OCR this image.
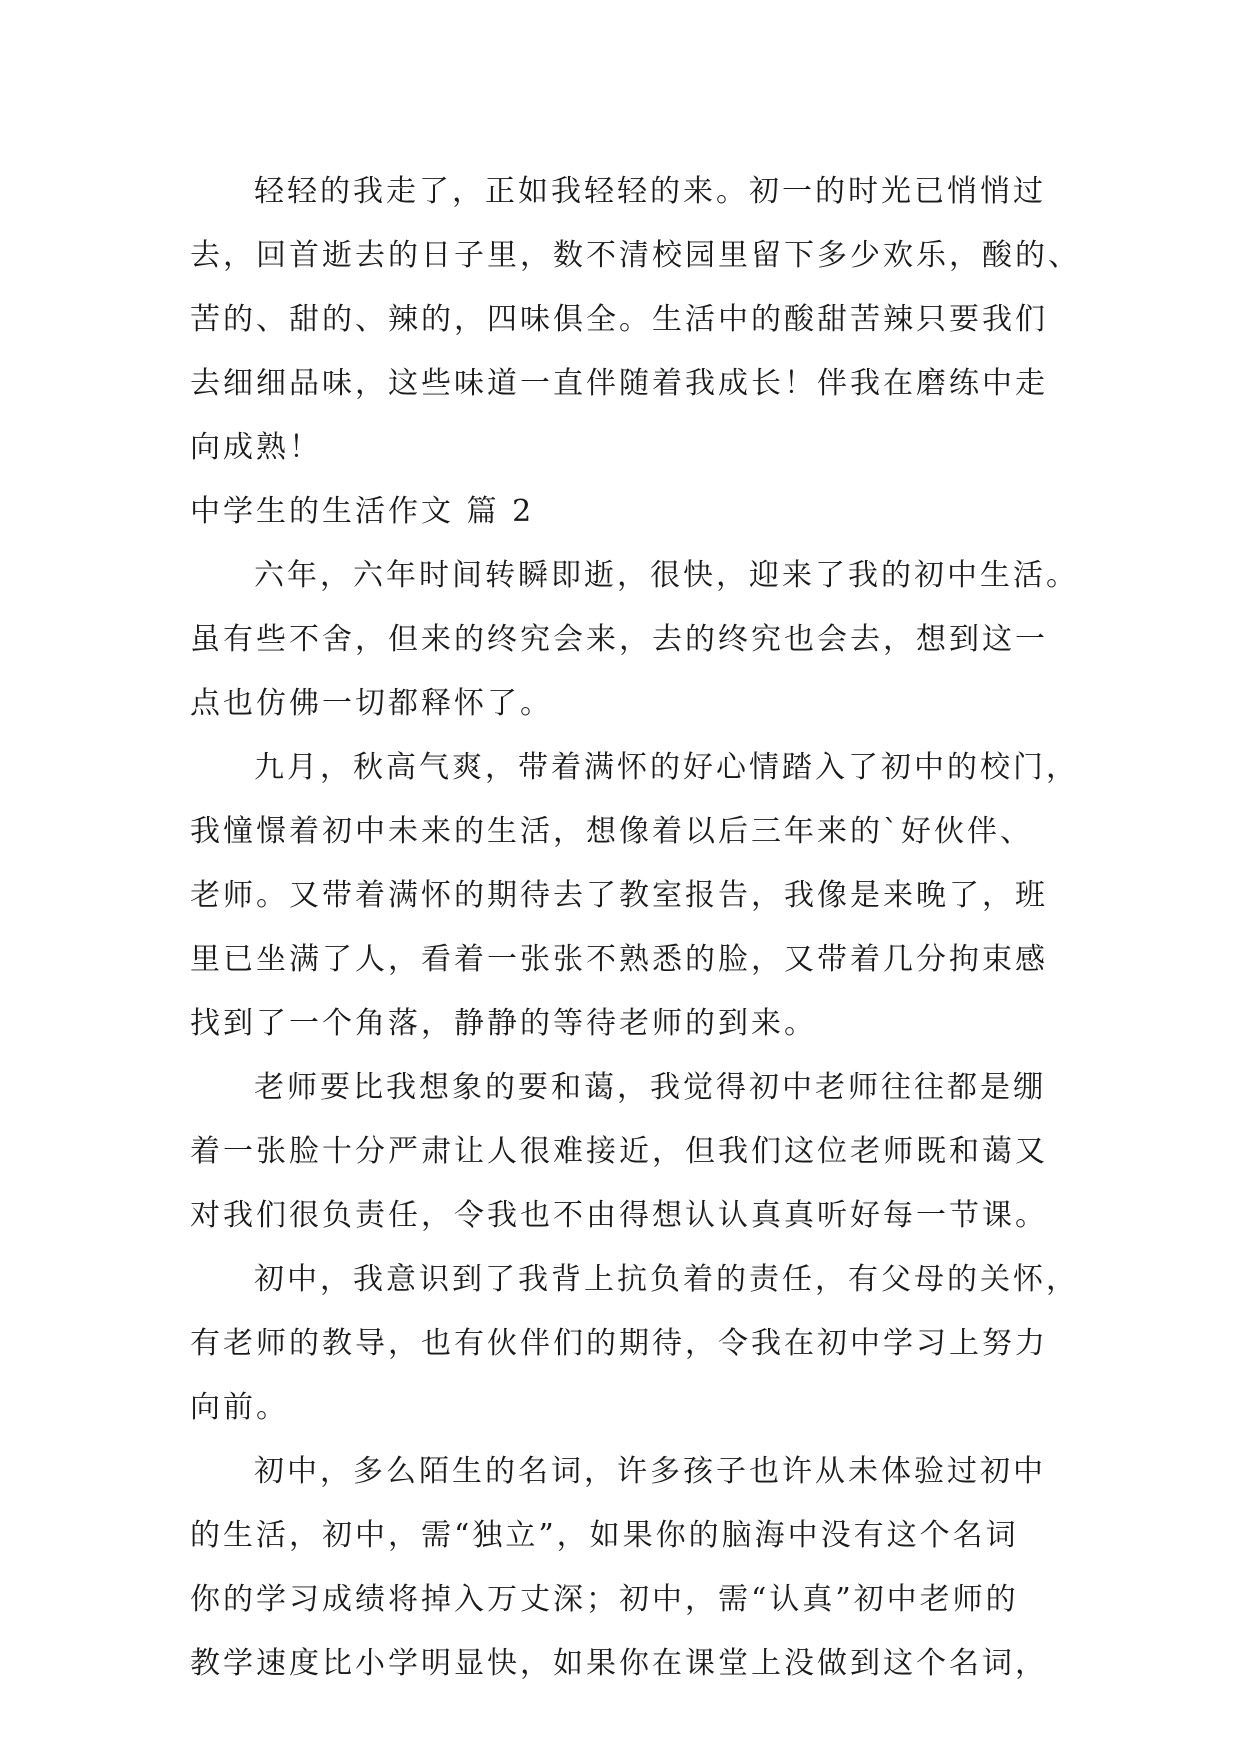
轻轻的我走了，正如我轻轻的来。初一的时光已悄悄过
去，回首逝去的日子里，数不清校园里留下多少欢乐，酸的、
苦的、甜的、辣的，四味俱全。生活中的酸甜苦辣只要我们
去细细品味，这些味道一直伴随着我成长！伴我在磨练中走
向成熟！
中学生的生活作文 篇 2
六年，六年时间转瞬即逝，很快，迎来了我的初中生活。
虽有些不舍，但来的终究会来，去的终究也会去，想到这一
点也仿佛一切都释怀了。
九月，秋高气爽，带着满怀的好心情踏入了初中的校门，
我憧憬着初中未来的生活，想像着以后三年来的`好伙伴、
老师。又带着满怀的期待去了教室报告，我像是来晚了，班
里已坐满了人，看着一张张不熟悉的脸，又带着几分拘束感
找到了一个角落，静静的等待老师的到来。
老师要比我想象的要和蔼，我觉得初中老师往往都是绷
着一张脸十分严肃让人很难接近，但我们这位老师既和蔼又
对我们很负责任，令我也不由得想认认真真听好每一节课。
初中，我意识到了我背上抗负着的责任，有父母的关怀，
有老师的教导，也有伙伴们的期待，令我在初中学习上努力
向前。
初中，多么陌生的名词，许多孩子也许从未体验过初中
的生活，初中，需“独立”，如果你的脑海中没有这个名词
你的学习成绩将掉入万丈深；初中，需“认真”初中老师的
教学速度比小学明显快，如果你在课堂上没做到这个名词，
